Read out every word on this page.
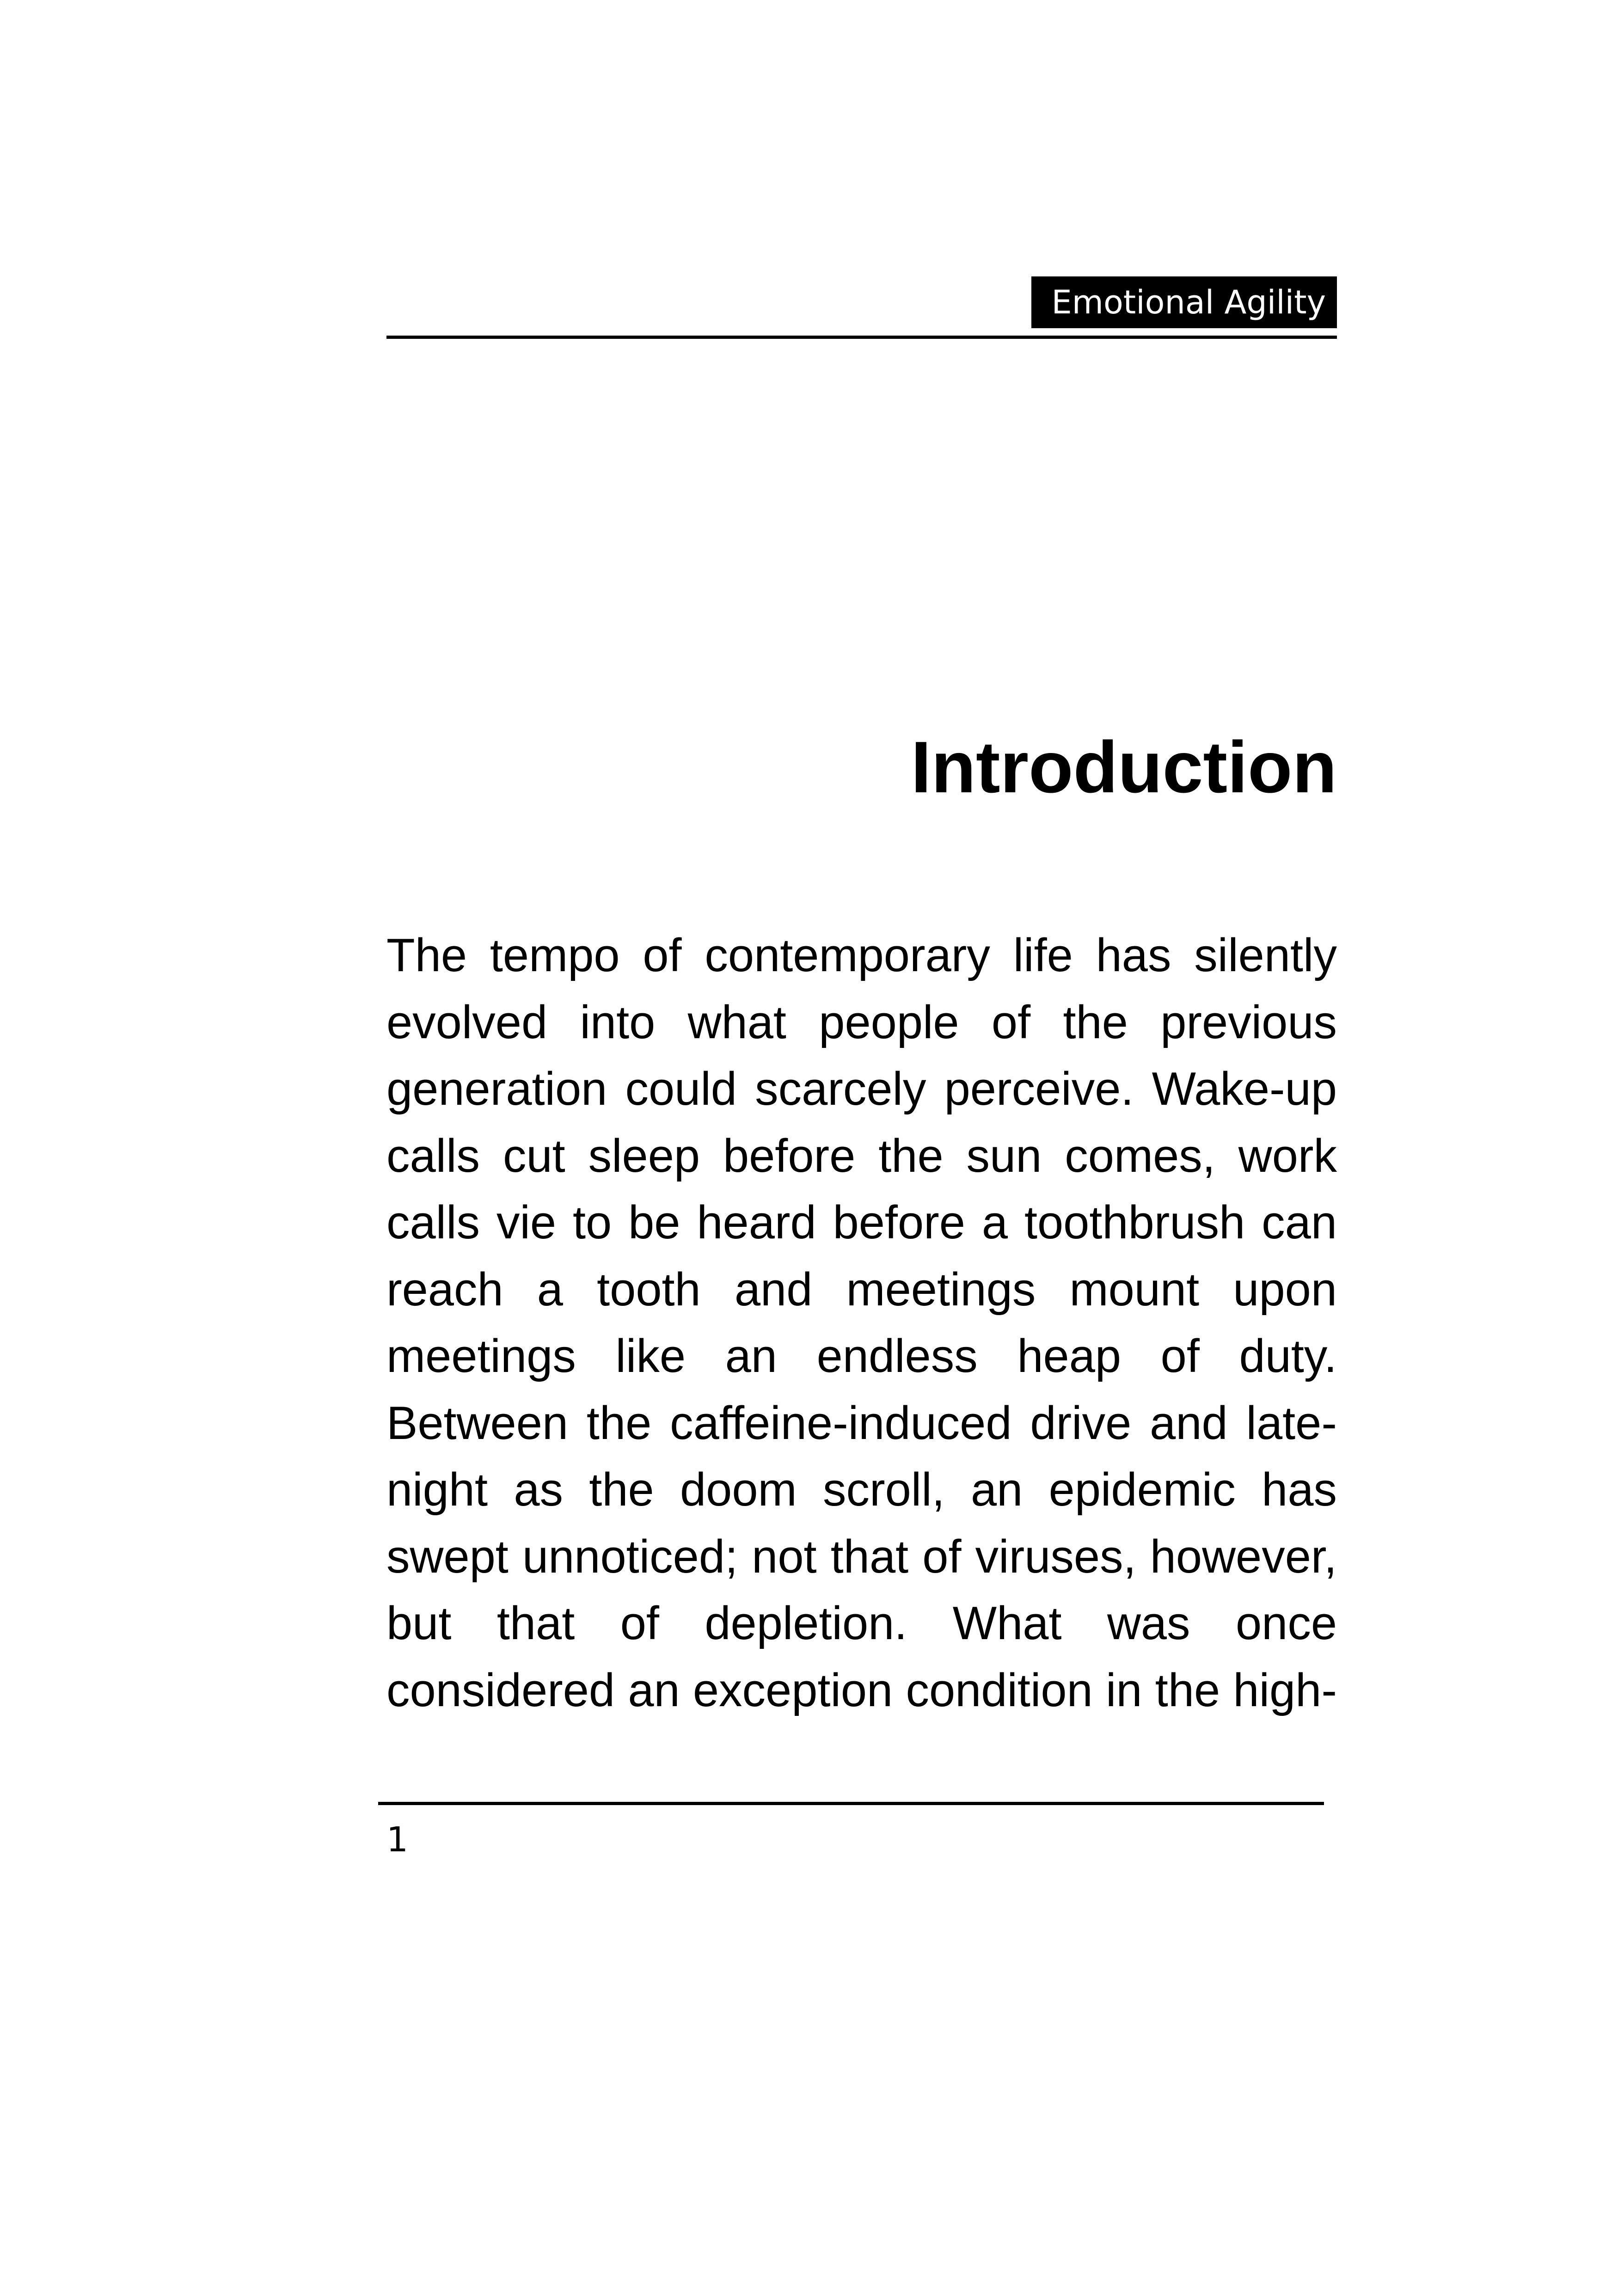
Emotional Agility
Introduction

The tempo of contemporary life has silently evolved into what people of the previous generation could scarcely perceive. Wake-up calls cut sleep before the sun comes, work calls vie to be heard before a toothbrush can reach a tooth and meetings mount upon meetings like an endless heap of duty. Between the caffeine-induced drive and late-night as the doom scroll, an epidemic has swept unnoticed; not that of viruses, however, but that of depletion. What was once considered an exception condition in the high-

1
